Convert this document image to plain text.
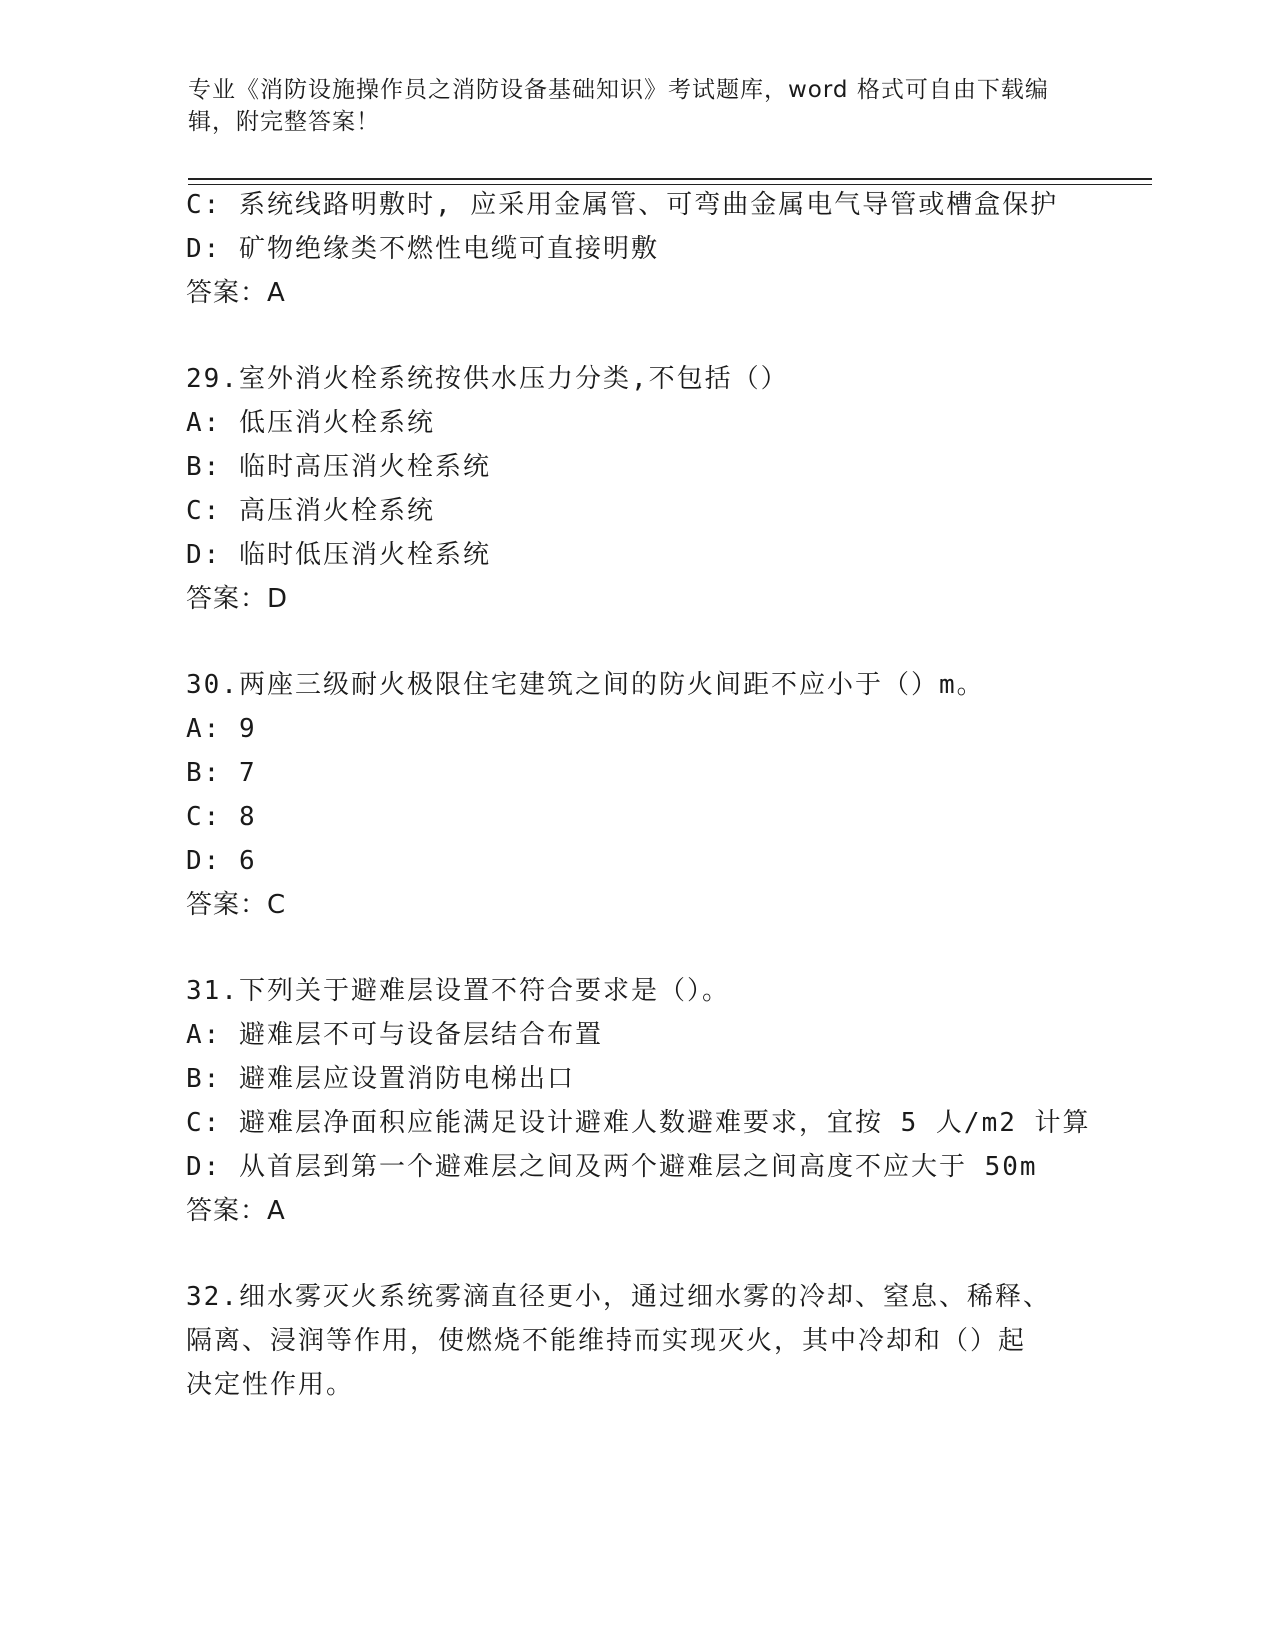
专业《消防设施操作员之消防设备基础知识》考试题库，word 格式可自由下载编辑，附完整答案！
C: 系统线路明敷时, 应采用金属管、可弯曲金属电气导管或槽盒保护
D: 矿物绝缘类不燃性电缆可直接明敷
答案：A
29.室外消火栓系统按供水压力分类,不包括（）
A: 低压消火栓系统
B: 临时高压消火栓系统
C: 高压消火栓系统
D: 临时低压消火栓系统
答案：D
30.两座三级耐火极限住宅建筑之间的防火间距不应小于（）m。
A: 9
B: 7
C: 8
D: 6
答案：C
31.下列关于避难层设置不符合要求是（）。
A: 避难层不可与设备层结合布置
B: 避难层应设置消防电梯出口
C: 避难层净面积应能满足设计避难人数避难要求，宜按 5 人/m2 计算
D: 从首层到第一个避难层之间及两个避难层之间高度不应大于 50m
答案：A
32.细水雾灭火系统雾滴直径更小，通过细水雾的冷却、窒息、稀释、
隔离、浸润等作用，使燃烧不能维持而实现灭火，其中冷却和（）起
决定性作用。
